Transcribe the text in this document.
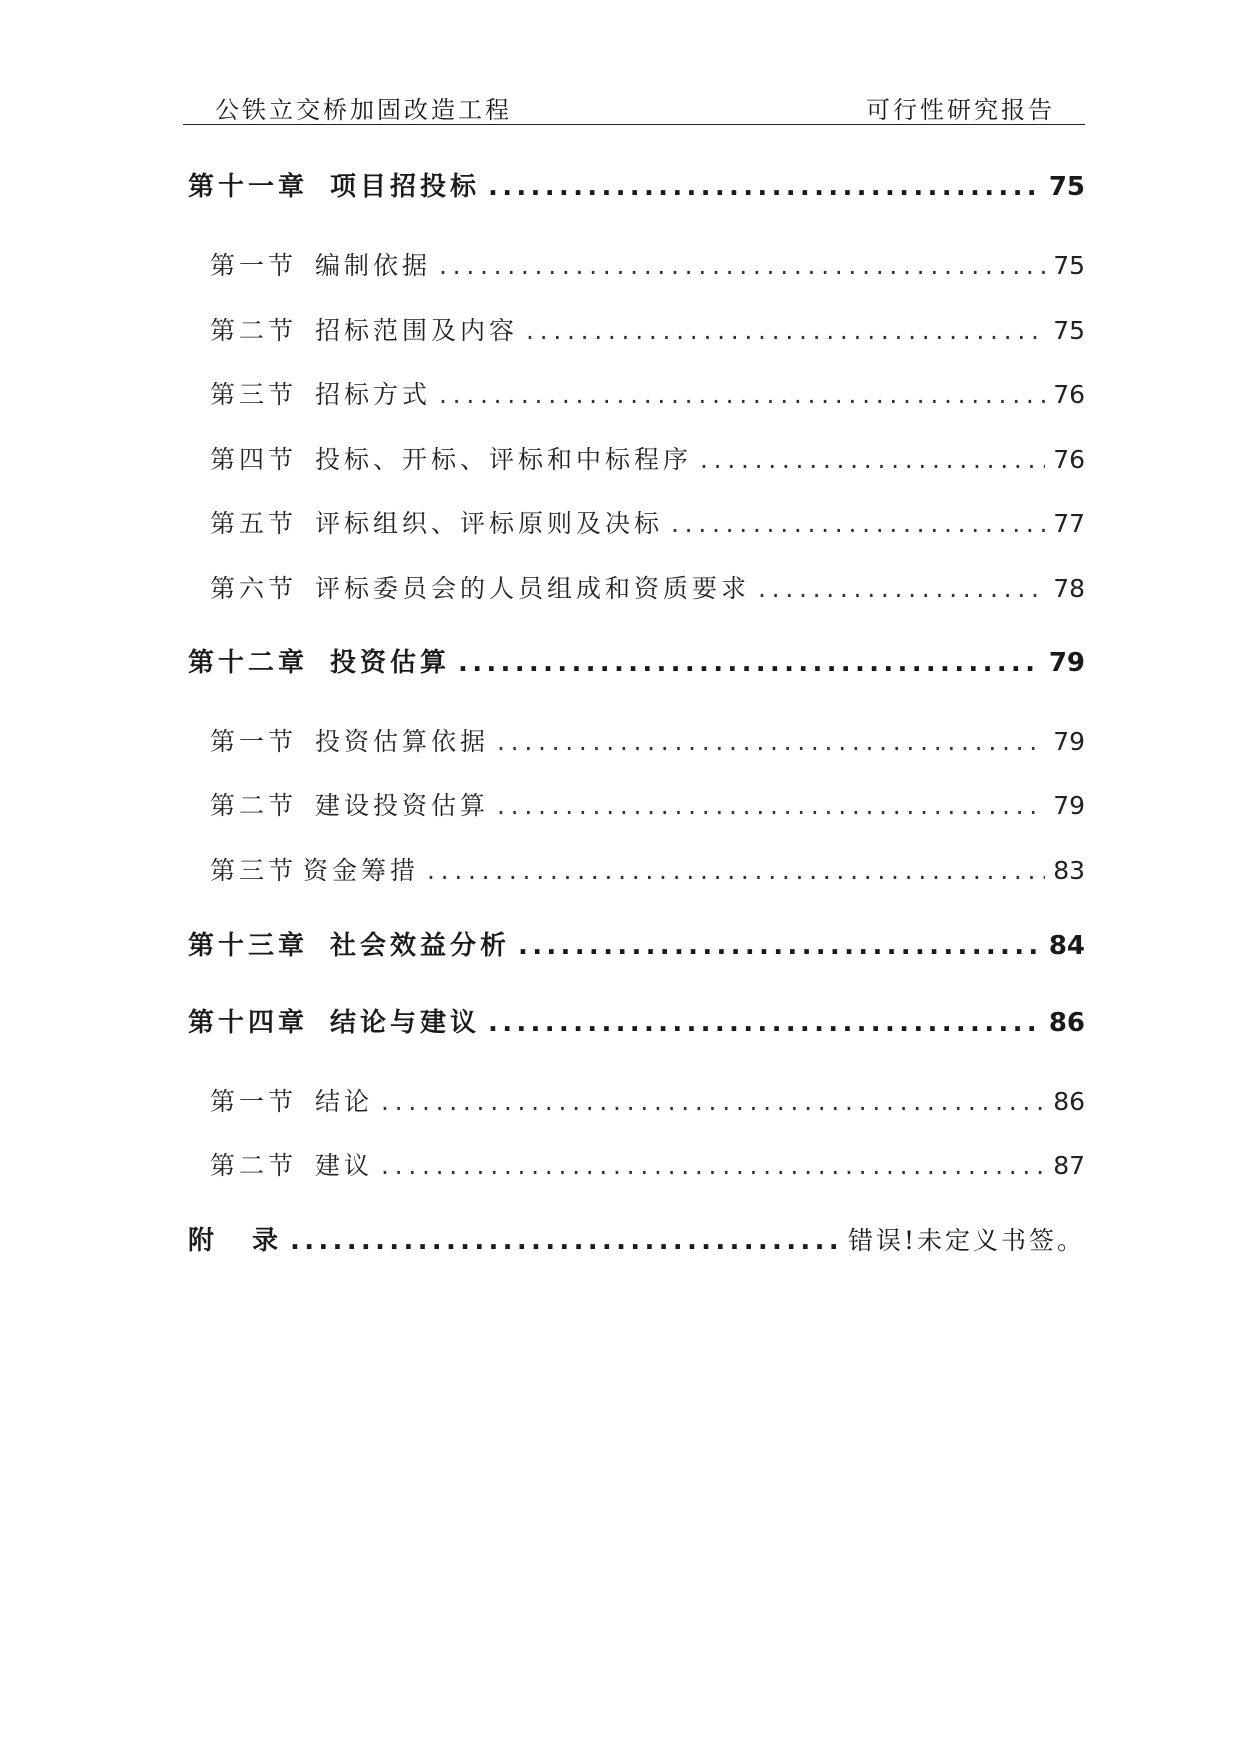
公铁立交桥加固改造工程	可行性研究报告
第十一章 项目招投标 .....	75
第一节 编制依据 .....	75
第二节 招标范围及内容 .....	75
第三节 招标方式 .....	76
第四节 投标、开标、评标和中标程序 .....	76
第五节 评标组织、评标原则及决标 .....	77
第六节 评标委员会的人员组成和资质要求 .....	78
第十二章 投资估算 .....	79
第一节 投资估算依据 .....	79
第二节 建设投资估算 .....	79
第三节 资金筹措 .....	83
第十三章 社会效益分析 .....	84
第十四章 结论与建议 .....	86
第一节 结论 .....	86
第二节 建议 .....	87
附 录 .....	错误!未定义书签。
